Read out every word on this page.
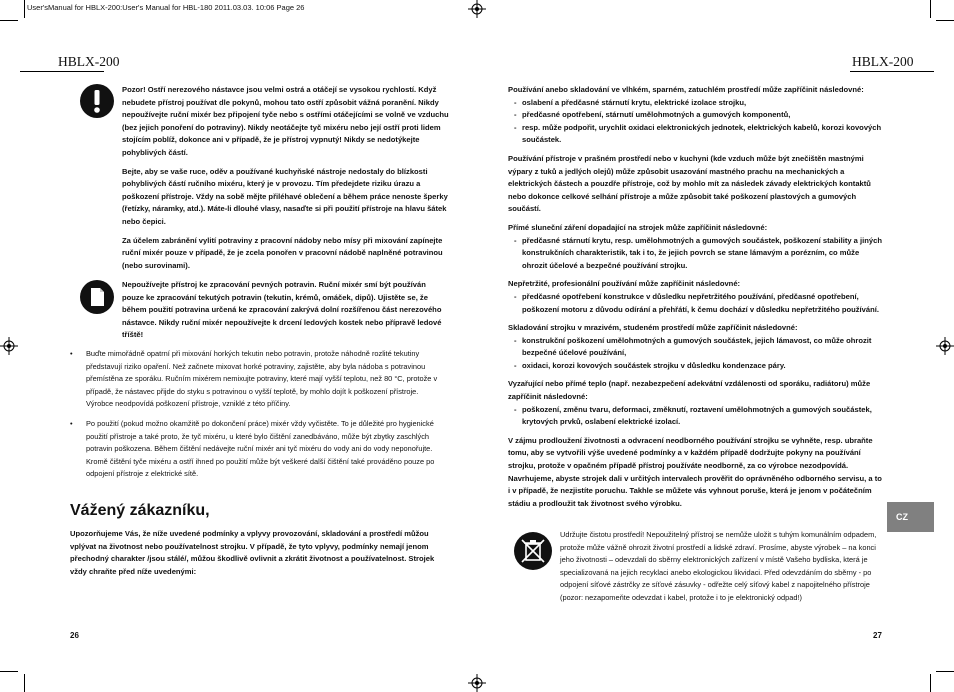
User'sManual for HBLX-200:User's Manual for HBL-180 2011.03.03. 10:06 Page 26
HBLX-200

Pozor! Ostří nerezového nástavce jsou velmi ostrá a otáčejí se vysokou rychlostí. Když nebudete přístroj používat dle pokynů, mohou tato ostří způsobit vážná poranění. Nikdy nepoužívejte ruční mixér bez připojení tyče nebo s ostřími otáčejícími se volně ve vzduchu (bez jejich ponoření do potraviny). Nikdy neotáčejte tyč mixéru nebo její ostří proti lidem stojícím poblíž, dokonce ani v případě, že je přístroj vypnutý! Nikdy se nedotýkejte pohyblivých částí.

Bejte, aby se vaše ruce, oděv a používané kuchyňské nástroje nedostaly do blízkosti pohyblivých částí ručního mixéru, který je v provozu. Tím předejdete riziku úrazu a poškození přístroje. Vždy na sobě mějte přiléhavé oblečení a během práce nenoste šperky (řetízky, náramky, atd.). Máte-li dlouhé vlasy, nasaďte si při použití přístroje na hlavu šátek nebo čepici.

Za účelem zabránění vylití potraviny z pracovní nádoby nebo mísy při mixování zapínejte ruční mixér pouze v případě, že je zcela ponořen v pracovní nádobě naplněné potravinou (nebo surovinami).

Nepoužívejte přístroj ke zpracování pevných potravin. Ruční mixér smí být používán pouze ke zpracování tekutých potravin (tekutin, krémů, omáček, dipů). Ujistěte se, že během použití potravina určená ke zpracování zakrývá dolní rozšířenou část nerezového nástavce. Nikdy ruční mixér nepoužívejte k drcení ledových kostek nebo přípravě ledové tříště!
• Buďte mimořádně opatrní při mixování horkých tekutin nebo potravin, protože náhodně rozlité tekutiny představují riziko opaření. Než začnete mixovat horké potraviny, zajistěte, aby byla nádoba s potravinou přemístěna ze sporáku. Ručním mixérem nemixujte potraviny, které mají vyšší teplotu, než 80 °C, protože v případě, že nástavec přijde do styku s potravinou o vyšší teplotě, by mohlo dojít k poškození přístroje. Výrobce neodpovídá poškození přístroje, vzniklé z této příčiny.
• Po použití (pokud možno okamžitě po dokončení práce) mixér vždy vyčistěte. To je důležité pro hygienické použití přístroje a také proto, že tyč mixéru, u které bylo čištění zanedbáváno, může být zbytky zaschlých potravin poškozena. Během čištění nedávejte ruční mixér ani tyč mixéru do vody ani do vody neponořujte. Kromě čištění tyče mixéru a ostří ihned po použití může být veškeré další čištění také prováděno pouze po odpojení přístroje z elektrické sítě.
Vážený zákazníku,
Upozorňujeme Vás, že níže uvedené podmínky a vplyvy provozování, skladování a prostředí můžou vplývat na životnost nebo používatelnost strojku. V případě, že tyto vplyvy, podmínky nemají jenom přechodný charakter /jsou stálé/, můžou škodlivě ovlivnit a zkrátit životnost a používatelnost. Strojek vždy chraňte před níže uvedenými:
26
HBLX-200
Používání anebo skladování ve vlhkém, sparném, zatuchlém prostředí může zapříčinit následovné:
- oslabení a předčasné stárnutí krytu, elektrické izolace strojku,
- předčasné opotřebení, stárnutí umělohmotných a gumových komponentů,
- resp. může podpořit, urychlit oxidaci elektronických jednotek, elektrických kabelů, korozi kovových součástek.
Používání přístroje v prašném prostředí nebo v kuchyni (kde vzduch může být znečištěn mastnými výpary z tuků a jedlých olejů) může způsobit usazování mastného prachu na mechanických a elektrických částech a pouzdře přístroje, což by mohlo mít za následek závady elektrických kontaktů nebo dokonce celkové selhání přístroje a může způsobit také poškození plastových a gumových součástí.
Přímé sluneční záření dopadající na strojek může zapříčinit následovné:
- předčasné stárnutí krytu, resp. umělohmotných a gumových součástek, poškození stability a jiných konstrukčních charakteristik, tak i to, že jejich povrch se stane lámavým a porézním, co může ohrozit účelové a bezpečné používání strojku.
Nepřetržité, profesionální používání může zapříčinit následovné:
- předčasné opotřebení konstrukce v důsledku nepřetržitého používání, předčasné opotřebení, poškození motoru z důvodu odírání a přehřátí, k čemu dochází v důsledku nepřetržitého používání.
Skladování strojku v mrazivém, studeném prostředí může zapříčinit následovné:
- konstrukční poškození umělohmotných a gumových součástek, jejich lámavost, co může ohrozit bezpečné účelové používání,
- oxidaci, korozi kovových součástek strojku v důsledku kondenzace páry.
Vyzařující nebo přímé teplo (např. nezabezpečení adekvátní vzdálenosti od sporáku, radiátoru) může zapříčinit následovné:
- poškození, změnu tvaru, deformaci, změknutí, roztavení umělohmotných a gumových součástek, krytových prvků, oslabení elektrické izolací.
V zájmu prodloužení životnosti a odvracení neodborného používání strojku se vyhněte, resp. ubraňte tomu, aby se vytvořili výše uvedené podmínky a v každém případě dodržujte pokyny na používání strojku, protože v opačném případě přístroj používáte neodborně, za co výrobce nezodpovídá. Navrhujeme, abyste strojek dali v určitých intervalech prověřit do oprávněného odborného servisu, a to i v případě, že nezjistíte poruchu. Takhle se můžete vás vyhnout poruše, která je jenom v počátečním stádiu a prodloužit tak životnost svého výrobku.
Udržujte čistotu prostředí! Nepoužitelný přístroj se nemůže uložit s tuhým komunálním odpadem, protože může vážně ohrozit životní prostředí a lidské zdraví. Prosíme, abyste výrobek – na konci jeho životnosti – odevzdali do sběrny elektronických zařízení v místě Vašeho bydliska, která je specializovaná na jejich recyklaci anebo ekologickou likvidaci. Před odevzdáním do sběrny - po odpojení síťové zástrčky ze síťové zásuvky - odřežte celý síťový kabel z napojitelného přístroje (pozor: nezapomeňte odevzdat i kabel, protože i to je elektronický odpad!)
CZ
27
